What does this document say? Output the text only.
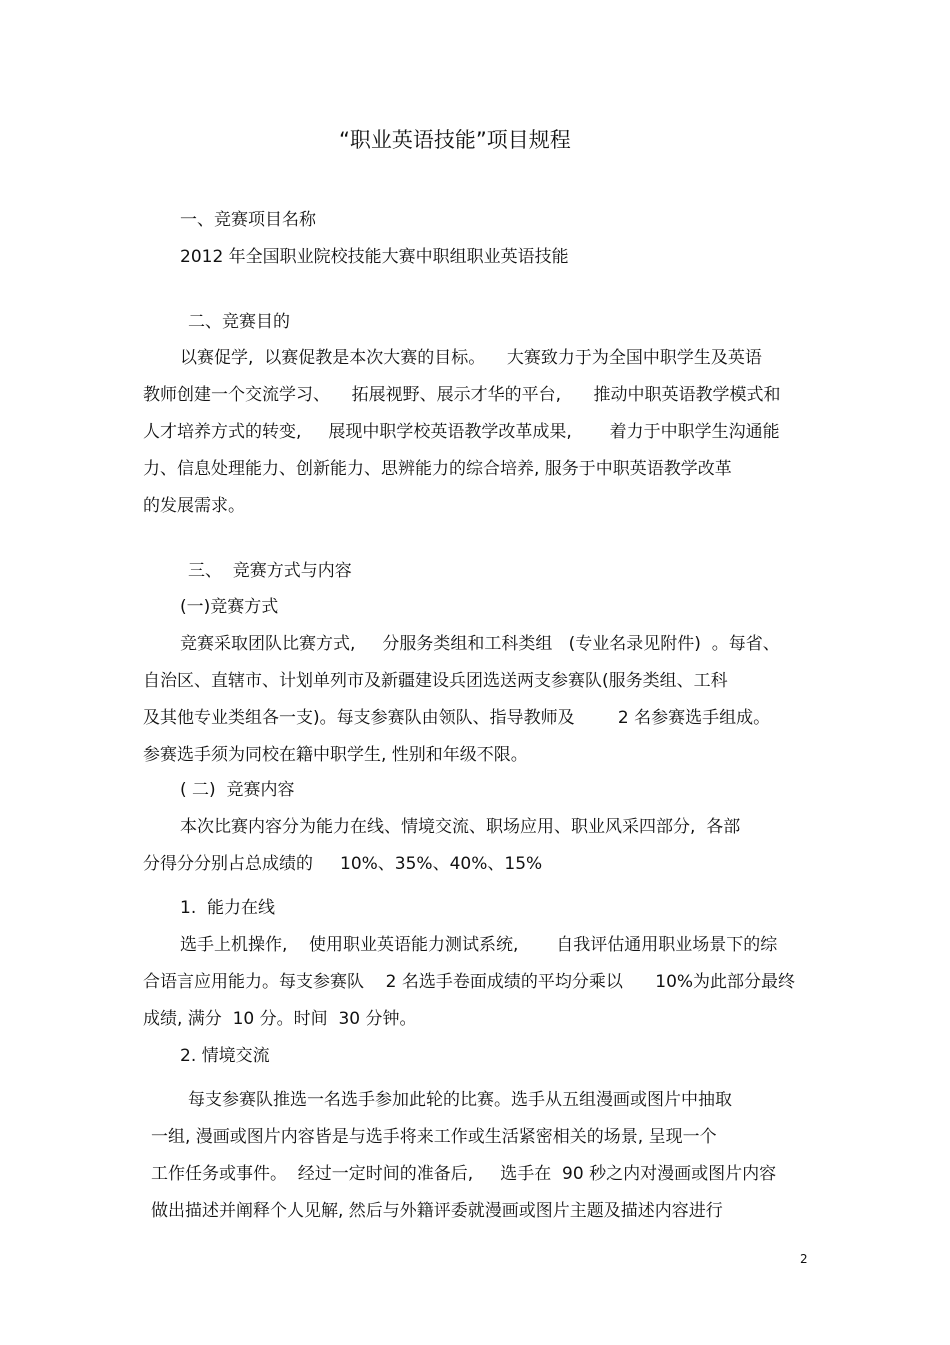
“职业英语技能”项目规程
一、竞赛项目名称
2012 年全国职业院校技能大赛中职组职业英语技能
二、竞赛目的
以赛促学,  以赛促教是本次大赛的目标。    大赛致力于为全国中职学生及英语
教师创建一个交流学习、    拓展视野、展示才华的平台,      推动中职英语教学模式和
人才培养方式的转变,     展现中职学校英语教学改革成果,       着力于中职学生沟通能
力、信息处理能力、创新能力、思辨能力的综合培养, 服务于中职英语教学改革
的发展需求。
三、  竞赛方式与内容
(一)竞赛方式
竞赛采取团队比赛方式,     分服务类组和工科类组   (专业名录见附件)  。每省、
自治区、直辖市、计划单列市及新疆建设兵团选送两支参赛队(服务类组、工科
及其他专业类组各一支)。每支参赛队由领队、指导教师及        2 名参赛选手组成。
参赛选手须为同校在籍中职学生, 性别和年级不限。
( 二)  竞赛内容
本次比赛内容分为能力在线、情境交流、职场应用、职业风采四部分,  各部
分得分分别占总成绩的     10%、35%、40%、15%
1.  能力在线
选手上机操作,    使用职业英语能力测试系统,       自我评估通用职业场景下的综
合语言应用能力。每支参赛队    2 名选手卷面成绩的平均分乘以      10%为此部分最终
成绩, 满分  10 分。时间  30 分钟。
2. 情境交流
每支参赛队推选一名选手参加此轮的比赛。选手从五组漫画或图片中抽取
一组, 漫画或图片内容皆是与选手将来工作或生活紧密相关的场景, 呈现一个
工作任务或事件。  经过一定时间的准备后,     选手在  90 秒之内对漫画或图片内容
做出描述并阐释个人见解, 然后与外籍评委就漫画或图片主题及描述内容进行
2
